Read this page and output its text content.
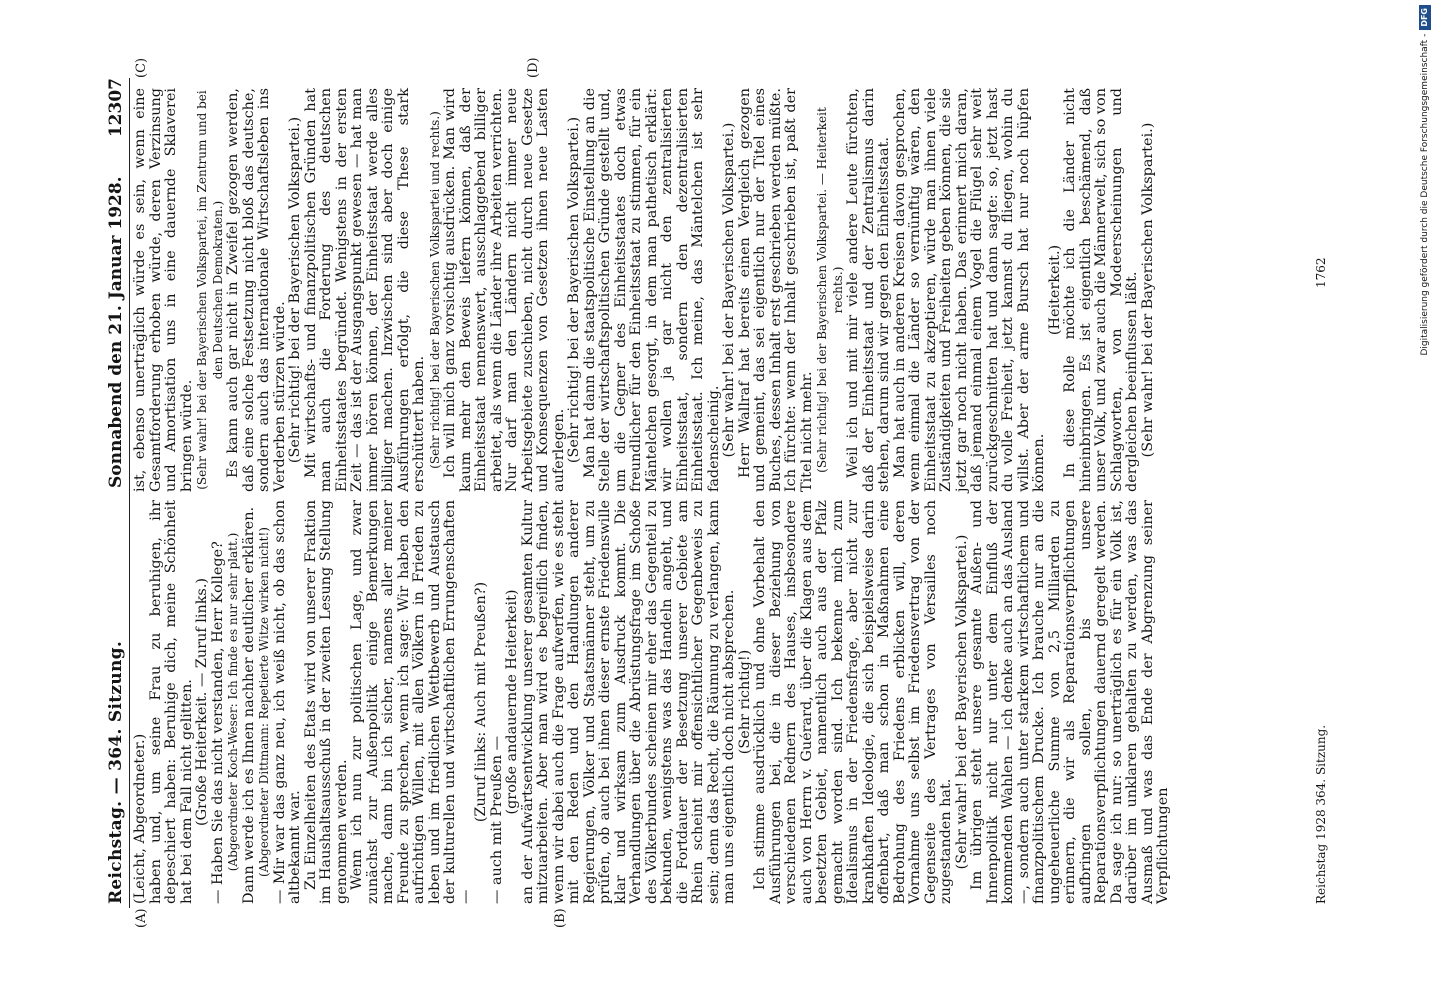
Reichstag. — 364. Sitzung.
Sonnabend den 21. Januar 1928.
12307
(A)	(B)
(C)	(D)

(Leicht, Abgeordneter.) haben und, um seine Frau zu beruhigen, ihr depeschiert haben: Beruhige dich, meine Schönheit hat bei dem Fall nicht gelitten. (Große Heiterkeit. — Zuruf links.) — Haben Sie das nicht verstanden, Herr Kollege? (Abgeordneter Koch-Weser: Ich finde es nur sehr platt.) Dann werde ich es Ihnen nachher deutlicher erklären. (Abgeordneter Dittmann: Repetierte Witze wirken nicht!) — Mir war das ganz neu, ich weiß nicht, ob das schon altbekannt war. Zu Einzelheiten des Etats wird von unserer Fraktion im Haushaltsausschuß in der zweiten Lesung Stellung genommen werden. Wenn ich nun zur politischen Lage, und zwar zunächst zur Außenpolitik einige Bemerkungen mache, dann bin ich sicher, namens aller meiner Freunde zu sprechen, wenn ich sage: Wir haben den aufrichtigen Willen, mit allen Völkern in Frieden zu leben und im friedlichen Wettbewerb und Austausch der kulturellen und wirtschaftlichen Errungenschaften —

(Zuruf links: Auch mit Preußen?) — auch mit Preußen —

(große andauernde Heiterkeit) an der Aufwärtsentwicklung unserer gesamten Kultur mitzuarbeiten. Aber man wird es begreiflich finden, wenn wir dabei auch die Frage aufwerfen, wie es steht mit den Reden und den Handlungen anderer Regierungen, Völker und Staatsmänner steht, um zu prüfen, ob auch bei ihnen dieser ernste Friedenswille klar und wirksam zum Ausdruck kommt. Die Verhandlungen über die Abrüstungsfrage im Schoße des Völkerbundes scheinen mir eher das Gegenteil zu bekunden, wenigstens was das Handeln angeht, und die Fortdauer der Besetzung unserer Gebiete am Rhein scheint mir offensichtlicher Gegenbeweis zu sein; denn das Recht, die Räumung zu verlangen, kann man uns eigentlich doch nicht absprechen. (Sehr richtig!) Ich stimme ausdrücklich und ohne Vorbehalt den Ausführungen bei, die in dieser Beziehung von verschiedenen Rednern des Hauses, insbesondere auch von Herrn v. Guérard, über die Klagen aus dem besetzten Gebiet, namentlich auch aus der Pfalz gemacht worden sind. Ich bekenne mich zum Idealismus in der Friedensfrage, aber nicht zur krankhaften Ideologie, die sich beispielsweise darin offenbart, daß man schon in Maßnahmen eine Bedrohung des Friedens erblicken will, deren Vornahme uns selbst im Friedensvertrag von der Gegenseite des Vertrages von Versailles noch zugestanden hat. (Sehr wahr! bei der Bayerischen Volkspartei.) Im übrigen steht unsere gesamte Außen- und Innenpolitik nicht nur unter dem Einfluß der kommenden Wahlen — ich denke auch an das Ausland —, sondern auch unter starkem wirtschaftlichem und finanzpolitischem Drucke. Ich brauche nur an die ungeheuerliche Summe von 2,5 Milliarden zu erinnern, die wir als Reparationsverpflichtungen aufbringen sollen, bis unsere Reparationsverpflichtungen dauernd geregelt werden. Da sage ich nur: so unerträglich es für ein Volk ist, darüber im unklaren gehalten zu werden, was das Ausmaß und was das Ende der Abgrenzung seiner Verpflichtungen

ist, ebenso unerträglich würde es sein, wenn eine Gesamtforderung erhoben würde, deren Verzinsung und Amortisation uns in eine dauernde Sklaverei bringen würde. (Sehr wahr! bei der Bayerischen Volkspartei, im Zentrum und bei den Deutschen Demokraten.) Es kann auch gar nicht in Zweifel gezogen werden, daß eine solche Festsetzung nicht bloß das deutsche, sondern auch das internationale Wirtschaftsleben ins Verderben stürzen würde. (Sehr richtig! bei der Bayerischen Volkspartei.) Mit wirtschafts- und finanzpolitischen Gründen hat man auch die Forderung des deutschen Einheitsstaates begründet. Wenigstens in der ersten Zeit — das ist der Ausgangspunkt gewesen — hat man immer hören können, der Einheitsstaat werde alles billiger machen. Inzwischen sind aber doch einige Ausführungen erfolgt, die diese These stark erschüttert haben. (Sehr richtig! bei der Bayerischen Volkspartei und rechts.) Ich will mich ganz vorsichtig ausdrücken. Man wird kaum mehr den Beweis liefern können, daß der Einheitsstaat nennenswert, ausschlaggebend billiger arbeitet, als wenn die Länder ihre Arbeiten verrichten. Nur darf man den Ländern nicht immer neue Arbeitsgebiete zuschieben, nicht durch neue Gesetze und Konsequenzen von Gesetzen ihnen neue Lasten auferlegen. (Sehr richtig! bei der Bayerischen Volkspartei.) Man hat dann die staatspolitische Einstellung an die Stelle der wirtschaftspolitischen Gründe gestellt und, um die Gegner des Einheitsstaates doch etwas freundlicher für den Einheitsstaat zu stimmen, für ein Mäntelchen gesorgt, in dem man pathetisch erklärt: wir wollen ja gar nicht den zentralisierten Einheitsstaat, sondern den dezentralisierten Einheitsstaat. Ich meine, das Mäntelchen ist sehr fadenscheinig. (Sehr wahr! bei der Bayerischen Volkspartei.) Herr Wallraf hat bereits einen Vergleich gezogen und gemeint, das sei eigentlich nur der Titel eines Buches, dessen Inhalt erst geschrieben werden müßte. Ich fürchte: wenn der Inhalt geschrieben ist, paßt der Titel nicht mehr. (Sehr richtig! bei der Bayerischen Volkspartei. — Heiterkeit rechts.) Weil ich und mit mir viele andere Leute fürchten, daß der Einheitsstaat und der Zentralismus darin stehen, darum sind wir gegen den Einheitsstaat. Man hat auch in anderen Kreisen davon gesprochen, wenn einmal die Länder so vernünftig wären, den Einheitsstaat zu akzeptieren, würde man ihnen viele Zuständigkeiten und Freiheiten geben können, die sie jetzt gar noch nicht haben. Das erinnert mich daran, daß jemand einmal einem Vogel die Flügel sehr weit zurückgeschnitten hat und dann sagte: so, jetzt hast du volle Freiheit, jetzt kannst du fliegen, wohin du willst. Aber der arme Bursch hat nur noch hüpfen können.

(Heiterkeit.) In diese Rolle möchte ich die Länder nicht hineinbringen. Es ist eigentlich beschämend, daß unser Volk, und zwar auch die Männerwelt, sich so von Schlagworten, von Modeerscheinungen und dergleichen beeinflussen läßt. (Sehr wahr! bei der Bayerischen Volkspartei.)

Reichstag 1928 364. Sitzung.
1762	Digitalisierung gefördert durch die Deutsche Forschungsgemeinschaft -DFG
